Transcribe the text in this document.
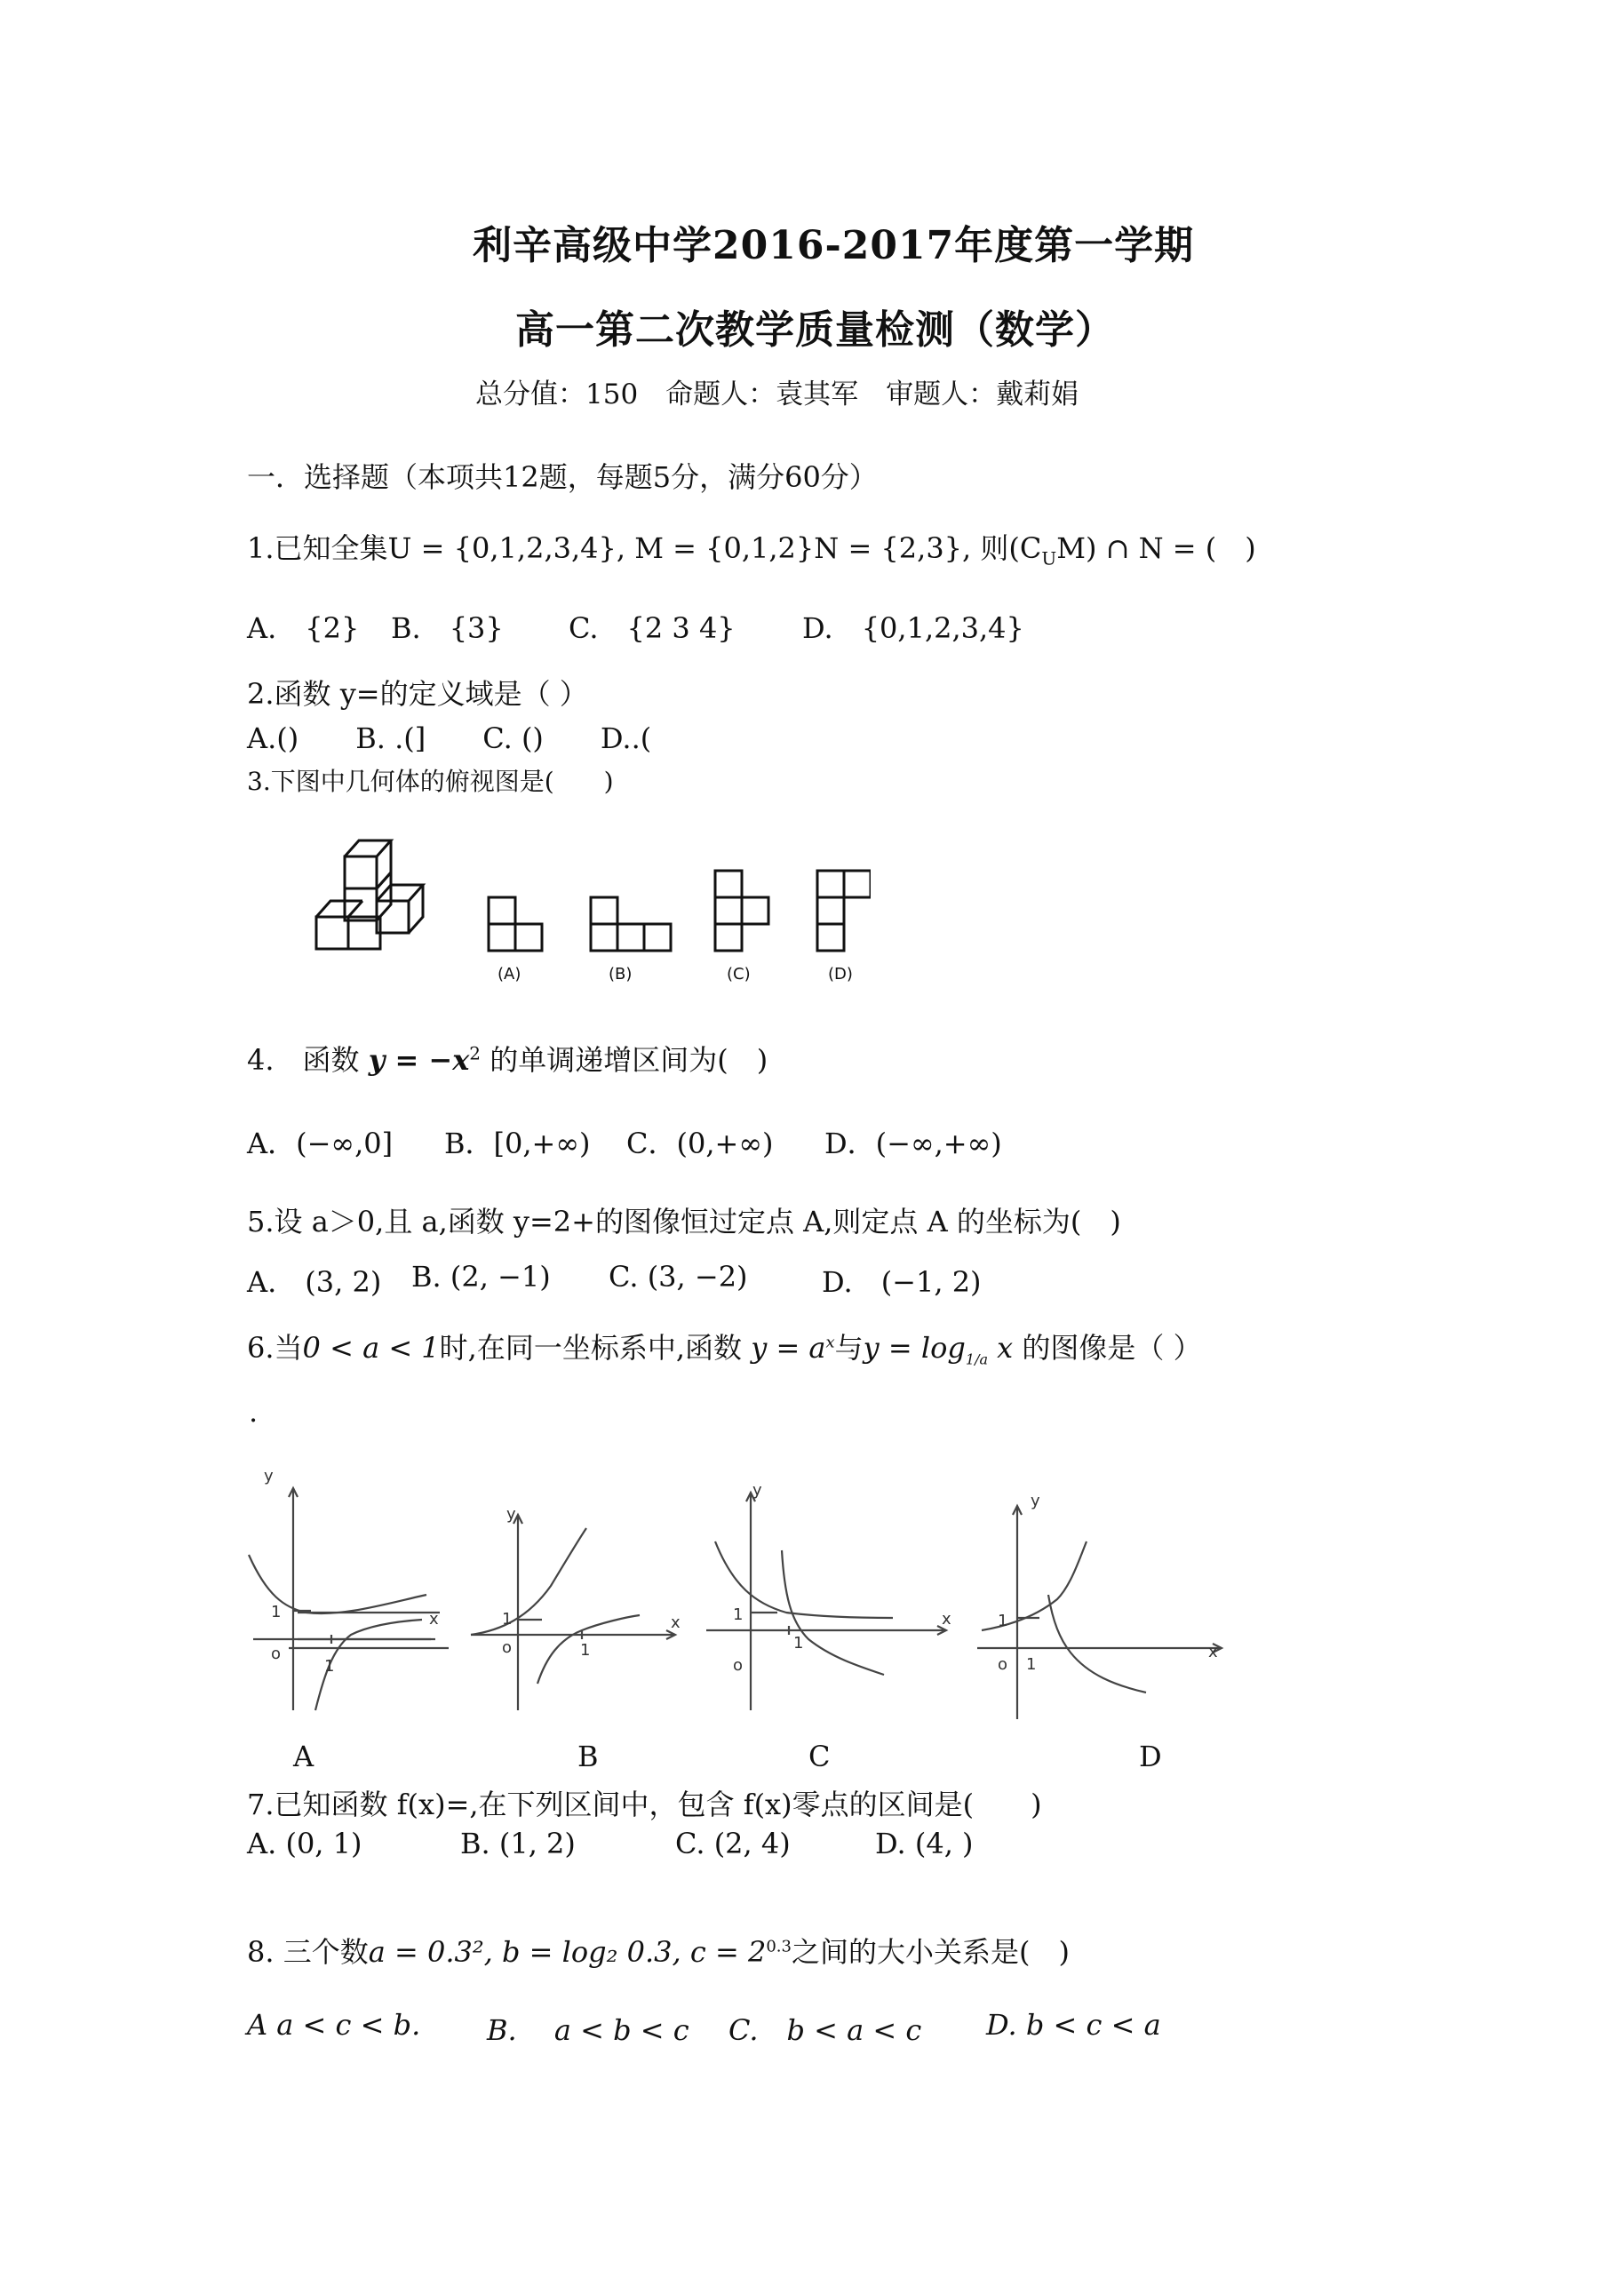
利辛高级中学2016-2017年度第一学期
高一第二次教学质量检测（数学）
总分值：150　命题人：袁其军　审题人：戴莉娟
一．选择题（本项共12题，每题5分，满分60分）
1.已知全集U = {0,1,2,3,4}, M = {0,1,2}N = {2,3}, 则$(C_UM)$ ∩ N = (　)
A.　{2} B.　{3} C.　{2 3 4} D.　{0,1,2,3,4}
2.函数 y=的定义域是（ ）
A.()　　B. .(]　　C. ()　　D..(
3.下图中几何体的俯视图是(　　)
(A)	(B)	(C)	(D)
4.　函数 $y = -x^2$ 的单调递增区间为(　)
A．(−∞,0] B．[0,+∞) C．(0,+∞) D．(−∞,+∞)
5.设 a＞0,且 a,函数 y=2+的图像恒过定点 A,则定点 A 的坐标为(　)
A.　(3, 2) B. (2, −1) C. (3, −2)	D.　(−1, 2)
6.当0 < a < 1时,在同一坐标系中,函数 $y = a^x$与$y = \log_{1/a} x$ 的图像是（ ）
.
y
x
1
o
1
y
x
1
o	1
y
x
1
o
1
y
x
1
o 1
A	B	C	D
7.已知函数 f(x)=,在下列区间中，包含 f(x)零点的区间是(　　)
A. (0, 1)	B. (1, 2)	C. (2, 4)	D. (4, )
8. 三个数a = 0.3², b = log₂ 0.3, $c = 2^{0.3}$之间的大小关系是(　)
A a < c < b. B.　 a < b < c C.　b < a < c D. b < c < a
